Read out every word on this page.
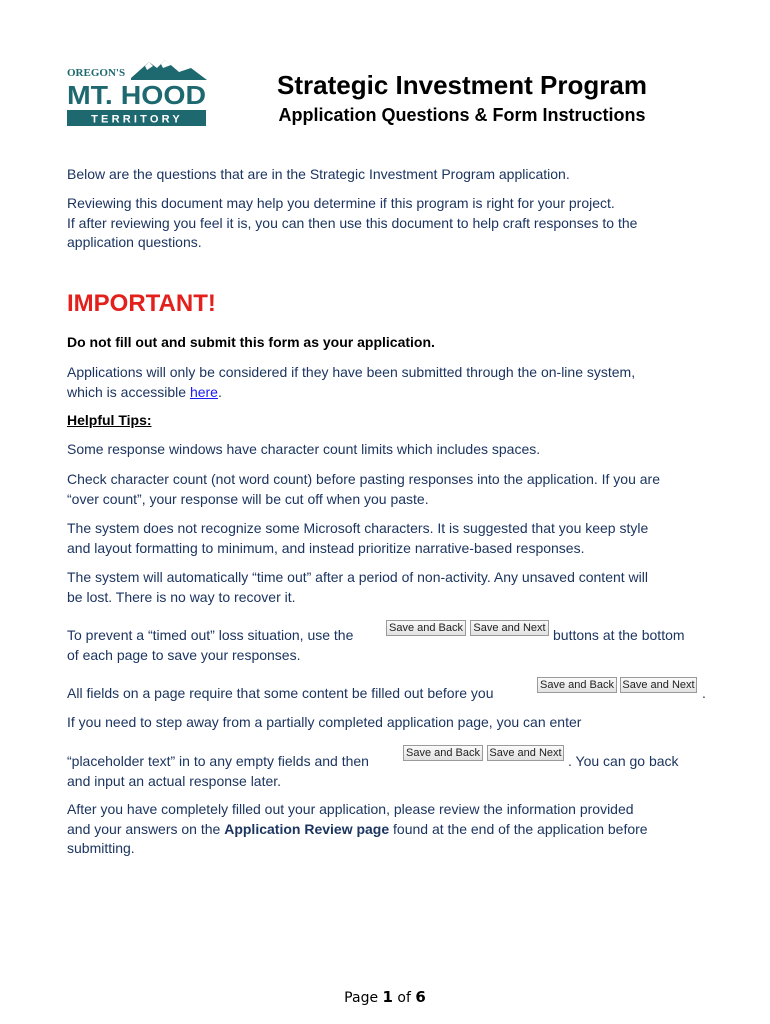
OREGON'S
MT. HOOD
TERRITORY
Strategic Investment Program
Application Questions & Form Instructions
Below are the questions that are in the Strategic Investment Program application.
Reviewing this document may help you determine if this program is right for your project.
If after reviewing you feel it is, you can then use this document to help craft responses to the
application questions.
IMPORTANT!
Do not fill out and submit this form as your application.
Applications will only be considered if they have been submitted through the on-line system,
which is accessible here.
Helpful Tips:
Some response windows have character count limits which includes spaces.
Check character count (not word count) before pasting responses into the application. If you are
“over count”, your response will be cut off when you paste.
The system does not recognize some Microsoft characters. It is suggested that you keep style
and layout formatting to minimum, and instead prioritize narrative-based responses.
The system will automatically “time out” after a period of non-activity. Any unsaved content will
be lost. There is no way to recover it.
To prevent a “timed out” loss situation, use the
of each page to save your responses.
Save and Back Save and Next buttons at the bottom
All fields on a page require that some content be filled out before you	Save and Back Save and Next .
If you need to step away from a partially completed application page, you can enter
“placeholder text” in to any empty fields and then
and input an actual response later.
Save and Back Save and Next . You can go back
After you have completely filled out your application, please review the information provided
and your answers on the Application Review page found at the end of the application before
submitting.
Page 1 of 6
